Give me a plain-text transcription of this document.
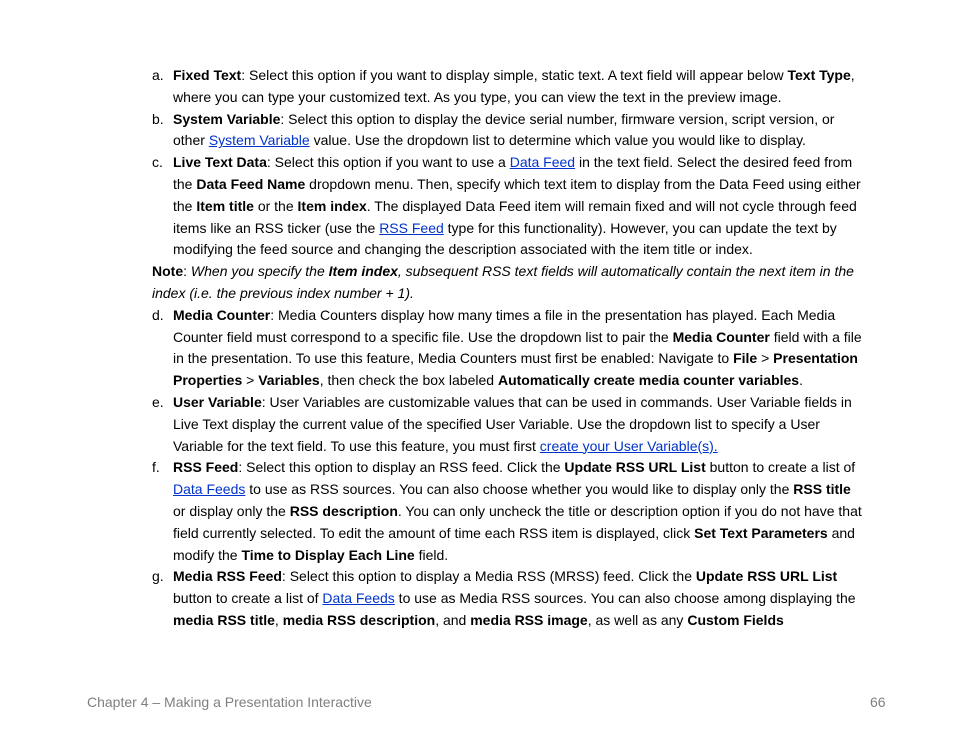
a. Fixed Text: Select this option if you want to display simple, static text. A text field will appear below Text Type, where you can type your customized text. As you type, you can view the text in the preview image.
b. System Variable: Select this option to display the device serial number, firmware version, script version, or other System Variable value. Use the dropdown list to determine which value you would like to display.
c. Live Text Data: Select this option if you want to use a Data Feed in the text field. Select the desired feed from the Data Feed Name dropdown menu. Then, specify which text item to display from the Data Feed using either the Item title or the Item index. The displayed Data Feed item will remain fixed and will not cycle through feed items like an RSS ticker (use the RSS Feed type for this functionality). However, you can update the text by modifying the feed source and changing the description associated with the item title or index.
Note: When you specify the Item index, subsequent RSS text fields will automatically contain the next item in the index (i.e. the previous index number + 1).
d. Media Counter: Media Counters display how many times a file in the presentation has played. Each Media Counter field must correspond to a specific file. Use the dropdown list to pair the Media Counter field with a file in the presentation. To use this feature, Media Counters must first be enabled: Navigate to File > Presentation Properties > Variables, then check the box labeled Automatically create media counter variables.
e. User Variable: User Variables are customizable values that can be used in commands. User Variable fields in Live Text display the current value of the specified User Variable. Use the dropdown list to specify a User Variable for the text field. To use this feature, you must first create your User Variable(s).
f. RSS Feed: Select this option to display an RSS feed. Click the Update RSS URL List button to create a list of Data Feeds to use as RSS sources. You can also choose whether you would like to display only the RSS title or display only the RSS description. You can only uncheck the title or description option if you do not have that field currently selected. To edit the amount of time each RSS item is displayed, click Set Text Parameters and modify the Time to Display Each Line field.
g. Media RSS Feed: Select this option to display a Media RSS (MRSS) feed. Click the Update RSS URL List button to create a list of Data Feeds to use as Media RSS sources. You can also choose among displaying the media RSS title, media RSS description, and media RSS image, as well as any Custom Fields
Chapter 4 – Making a Presentation Interactive	66
